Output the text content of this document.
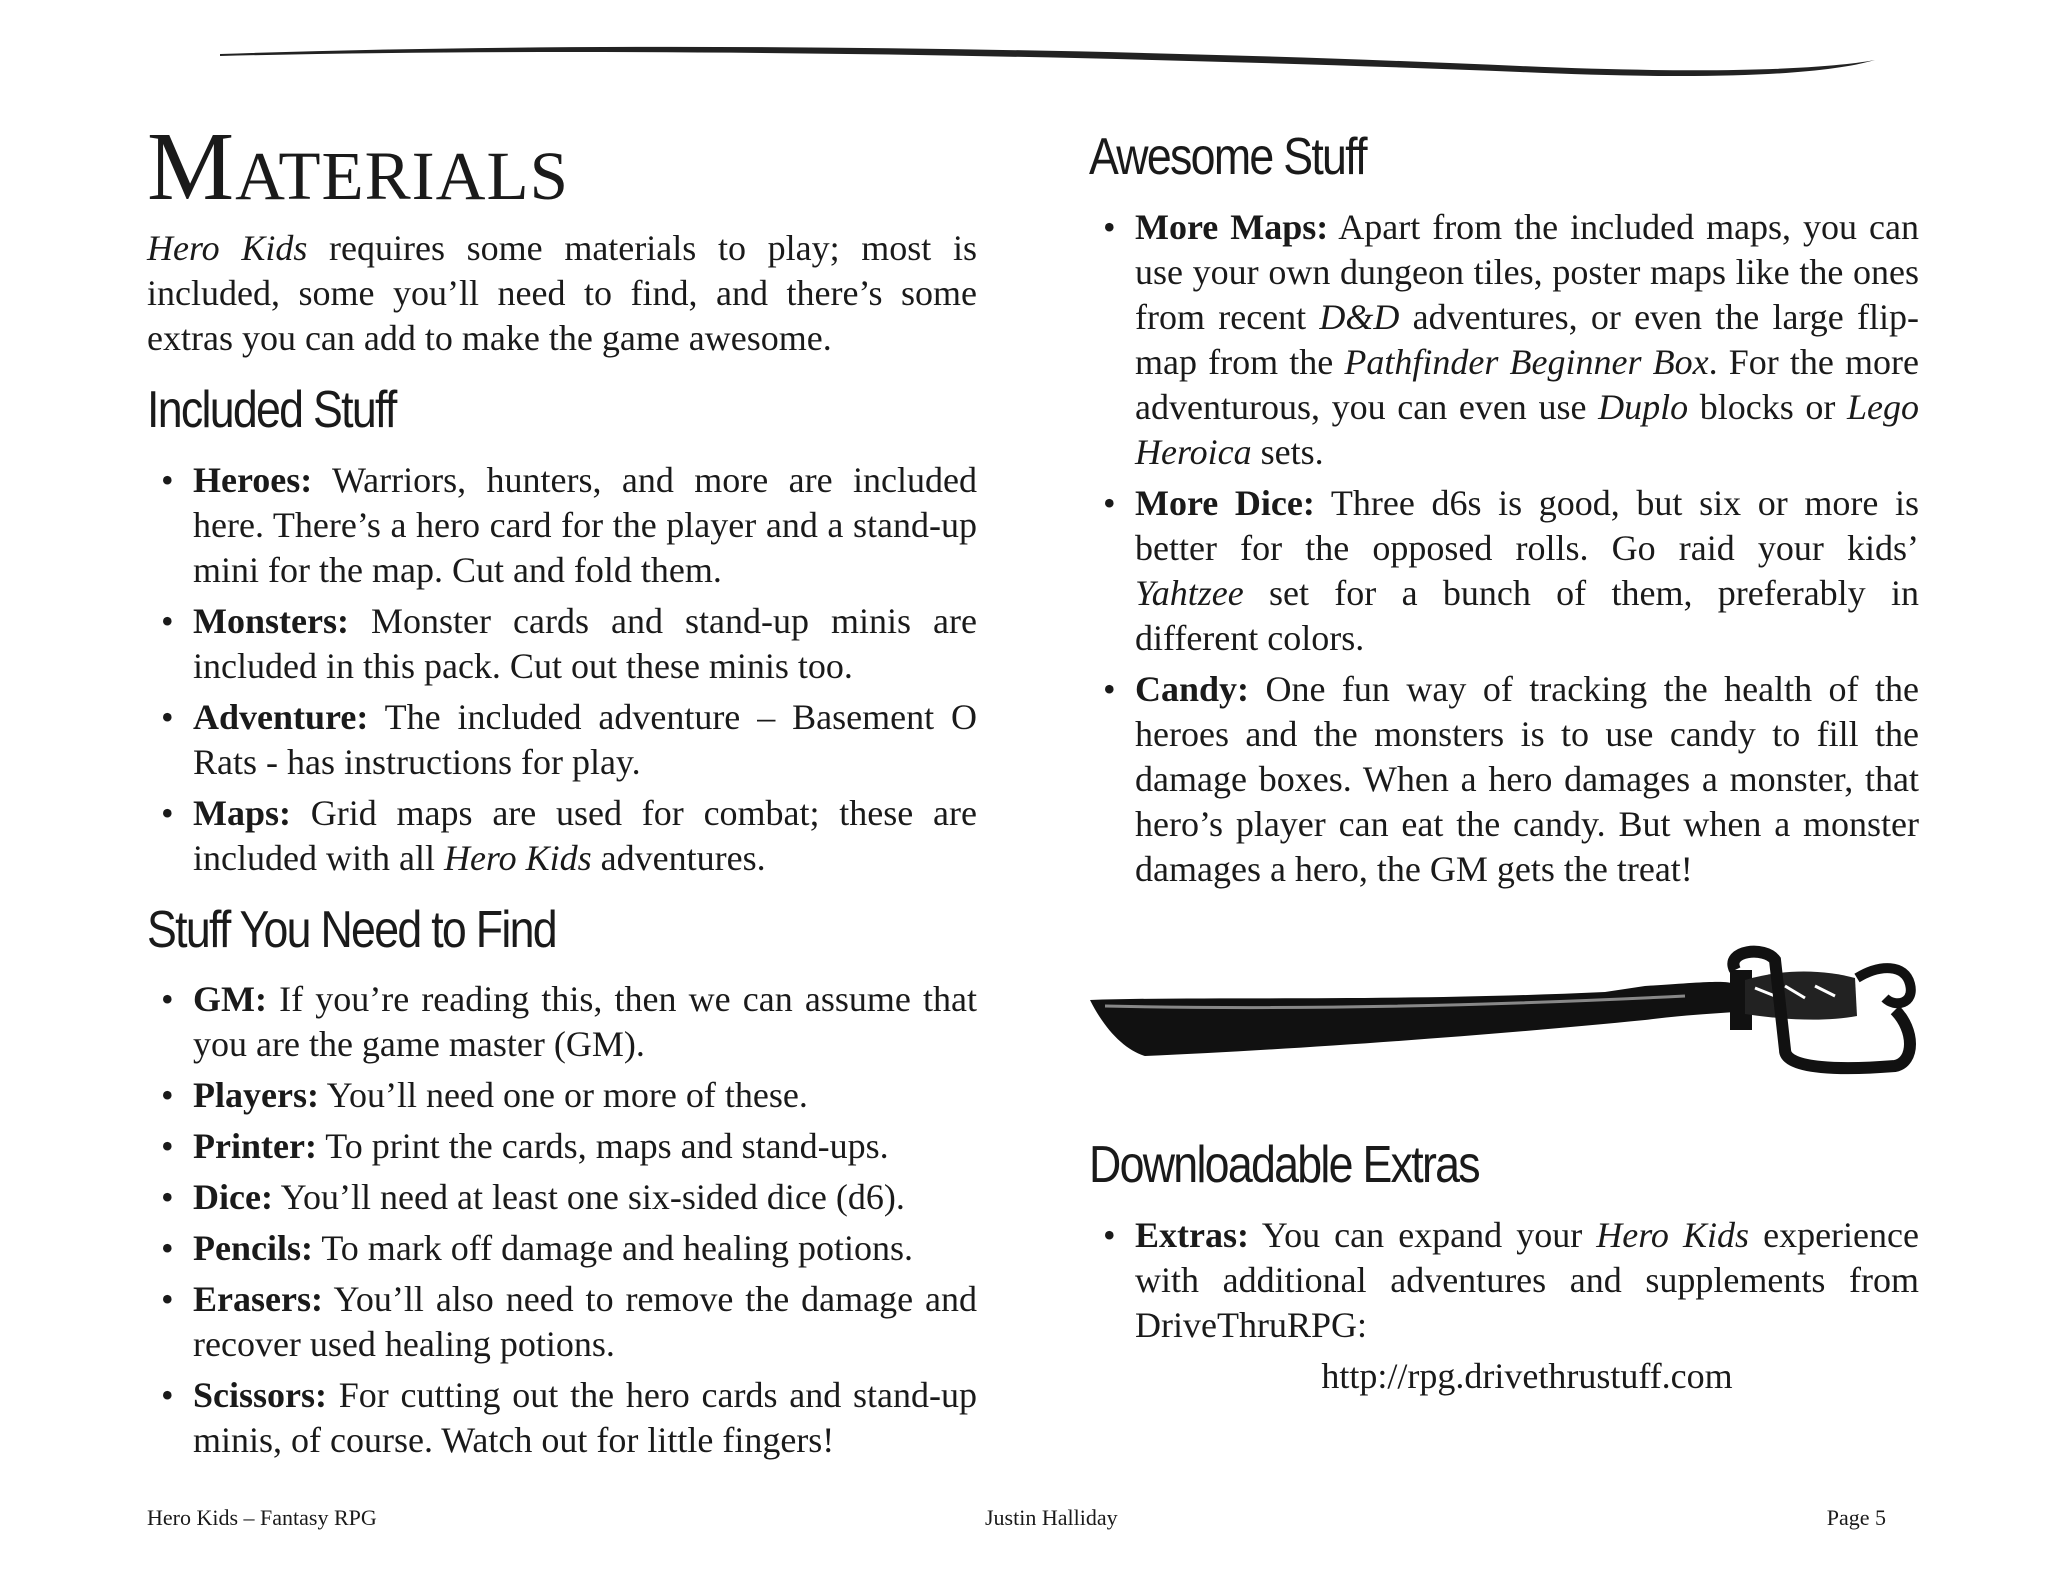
Materials

Hero Kids requires some materials to play; most is included, some you’ll need to find, and there’s some extras you can add to make the game awesome.

Included Stuff
• Heroes: Warriors, hunters, and more are included here. There’s a hero card for the player and a stand-up mini for the map. Cut and fold them.
• Monsters: Monster cards and stand-up minis are included in this pack. Cut out these minis too.
• Adventure: The included adventure – Basement O Rats - has instructions for play.
• Maps: Grid maps are used for combat; these are included with all Hero Kids adventures.
Stuff You Need to Find
• GM: If you’re reading this, then we can assume that you are the game master (GM).
• Players: You’ll need one or more of these.
• Printer: To print the cards, maps and stand-ups.
• Dice: You’ll need at least one six-sided dice (d6).
• Pencils: To mark off damage and healing potions.
• Erasers: You’ll also need to remove the damage and recover used healing potions.
• Scissors: For cutting out the hero cards and stand-up minis, of course. Watch out for little fingers!
Awesome Stuff
• More Maps: Apart from the included maps, you can use your own dungeon tiles, poster maps like the ones from recent D&D adventures, or even the large flip-map from the Pathfinder Beginner Box. For the more adventurous, you can even use Duplo blocks or Lego Heroica sets.
• More Dice: Three d6s is good, but six or more is better for the opposed rolls. Go raid your kids’ Yahtzee set for a bunch of them, preferably in different colors.
• Candy: One fun way of tracking the health of the heroes and the monsters is to use candy to fill the damage boxes. When a hero damages a monster, that hero’s player can eat the candy. But when a monster damages a hero, the GM gets the treat!
Downloadable Extras
• Extras: You can expand your Hero Kids experience with additional adventures and supplements from DriveThruRPG:
http://rpg.drivethrustuff.com
Hero Kids – Fantasy RPG	Justin Halliday	Page 5
